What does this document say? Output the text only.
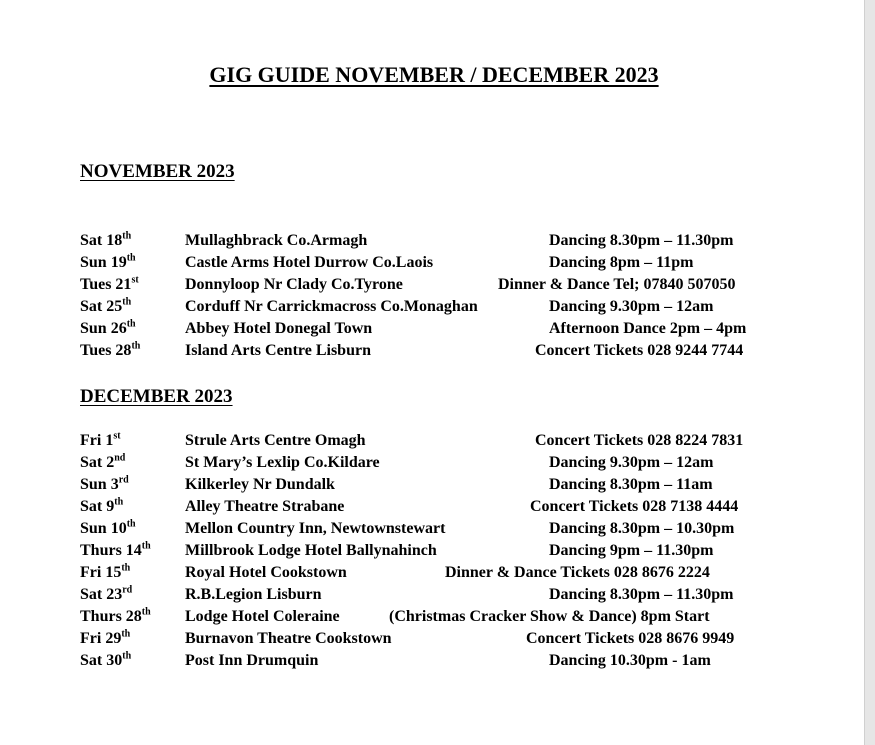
GIG GUIDE NOVEMBER / DECEMBER 2023
NOVEMBER 2023
Sat 18th	Mullaghbrack Co.Armagh	Dancing 8.30pm – 11.30pm
Sun 19th	Castle Arms Hotel Durrow Co.Laois	Dancing 8pm – 11pm
Tues 21st	Donnyloop Nr Clady Co.Tyrone	Dinner & Dance Tel; 07840 507050
Sat 25th	Corduff Nr Carrickmacross Co.Monaghan	Dancing 9.30pm – 12am
Sun 26th	Abbey Hotel Donegal Town	Afternoon Dance 2pm – 4pm
Tues 28th	Island Arts Centre Lisburn	Concert Tickets 028 9244 7744
DECEMBER 2023
Fri 1st	Strule Arts Centre Omagh	Concert Tickets 028 8224 7831
Sat 2nd	St Mary’s Lexlip Co.Kildare	Dancing 9.30pm – 12am
Sun 3rd	Kilkerley Nr Dundalk	Dancing 8.30pm – 11am
Sat 9th	Alley Theatre Strabane	Concert Tickets 028 7138 4444
Sun 10th	Mellon Country Inn, Newtownstewart	Dancing 8.30pm – 10.30pm
Thurs 14th Millbrook Lodge Hotel Ballynahinch	Dancing 9pm – 11.30pm
Fri 15th	Royal Hotel Cookstown	Dinner & Dance Tickets 028 8676 2224
Sat 23rd	R.B.Legion Lisburn	Dancing 8.30pm – 11.30pm
Thurs 28th Lodge Hotel Coleraine	(Christmas Cracker Show & Dance) 8pm Start
Fri 29th	Burnavon Theatre Cookstown	Concert Tickets 028 8676 9949
Sat 30th	Post Inn Drumquin	Dancing 10.30pm - 1am
